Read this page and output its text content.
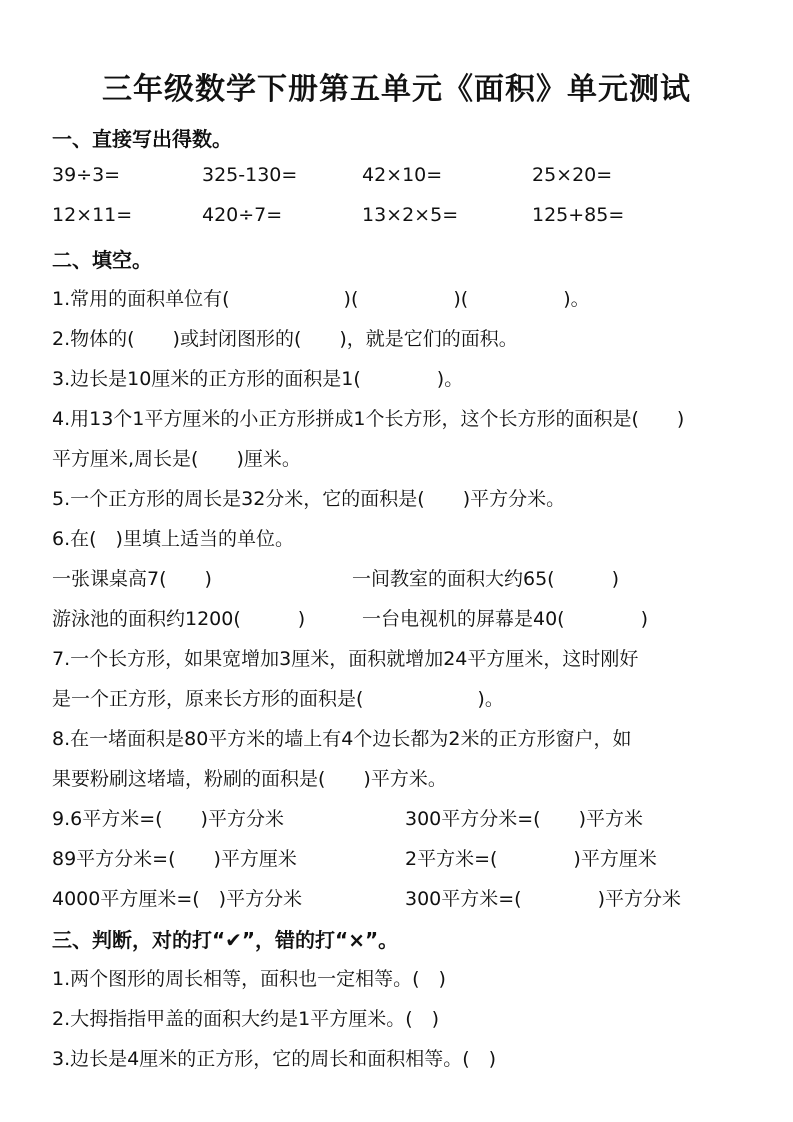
三年级数学下册第五单元《面积》单元测试
一、直接写出得数。
39÷3=	325-130=	42×10=	25×20=
12×11=	420÷7=	13×2×5=	125+85=
二、填空。
1.常用的面积单位有(　　　　　　)(　　　　　)(　　　　　)。
2.物体的(　　)或封闭图形的(　　)，就是它们的面积。
3.边长是10厘米的正方形的面积是1(　　　　)。
4.用13个1平方厘米的小正方形拼成1个长方形，这个长方形的面积是(　　)
平方厘米,周长是(　　)厘米。
5.一个正方形的周长是32分米，它的面积是(　　)平方分米。
6.在(　)里填上适当的单位。
一张课桌高7(　　)	一间教室的面积大约65(　　　)
游泳池的面积约1200(　　　)	一台电视机的屏幕是40(　　　　)
7.一个长方形，如果宽增加3厘米，面积就增加24平方厘米，这时刚好
是一个正方形，原来长方形的面积是(　　　　　　)。
8.在一堵面积是80平方米的墙上有4个边长都为2米的正方形窗户，如
果要粉刷这堵墙，粉刷的面积是(　　)平方米。
9.6平方米=(　　)平方分米	300平方分米=(　　)平方米
89平方分米=(　　)平方厘米	2平方米=(　　　　)平方厘米
4000平方厘米=(　)平方分米	300平方米=(　　　　)平方分米
三、判断，对的打“✔”，错的打“×”。
1.两个图形的周长相等，面积也一定相等。(　)
2.大拇指指甲盖的面积大约是1平方厘米。(　)
3.边长是4厘米的正方形，它的周长和面积相等。(　)
